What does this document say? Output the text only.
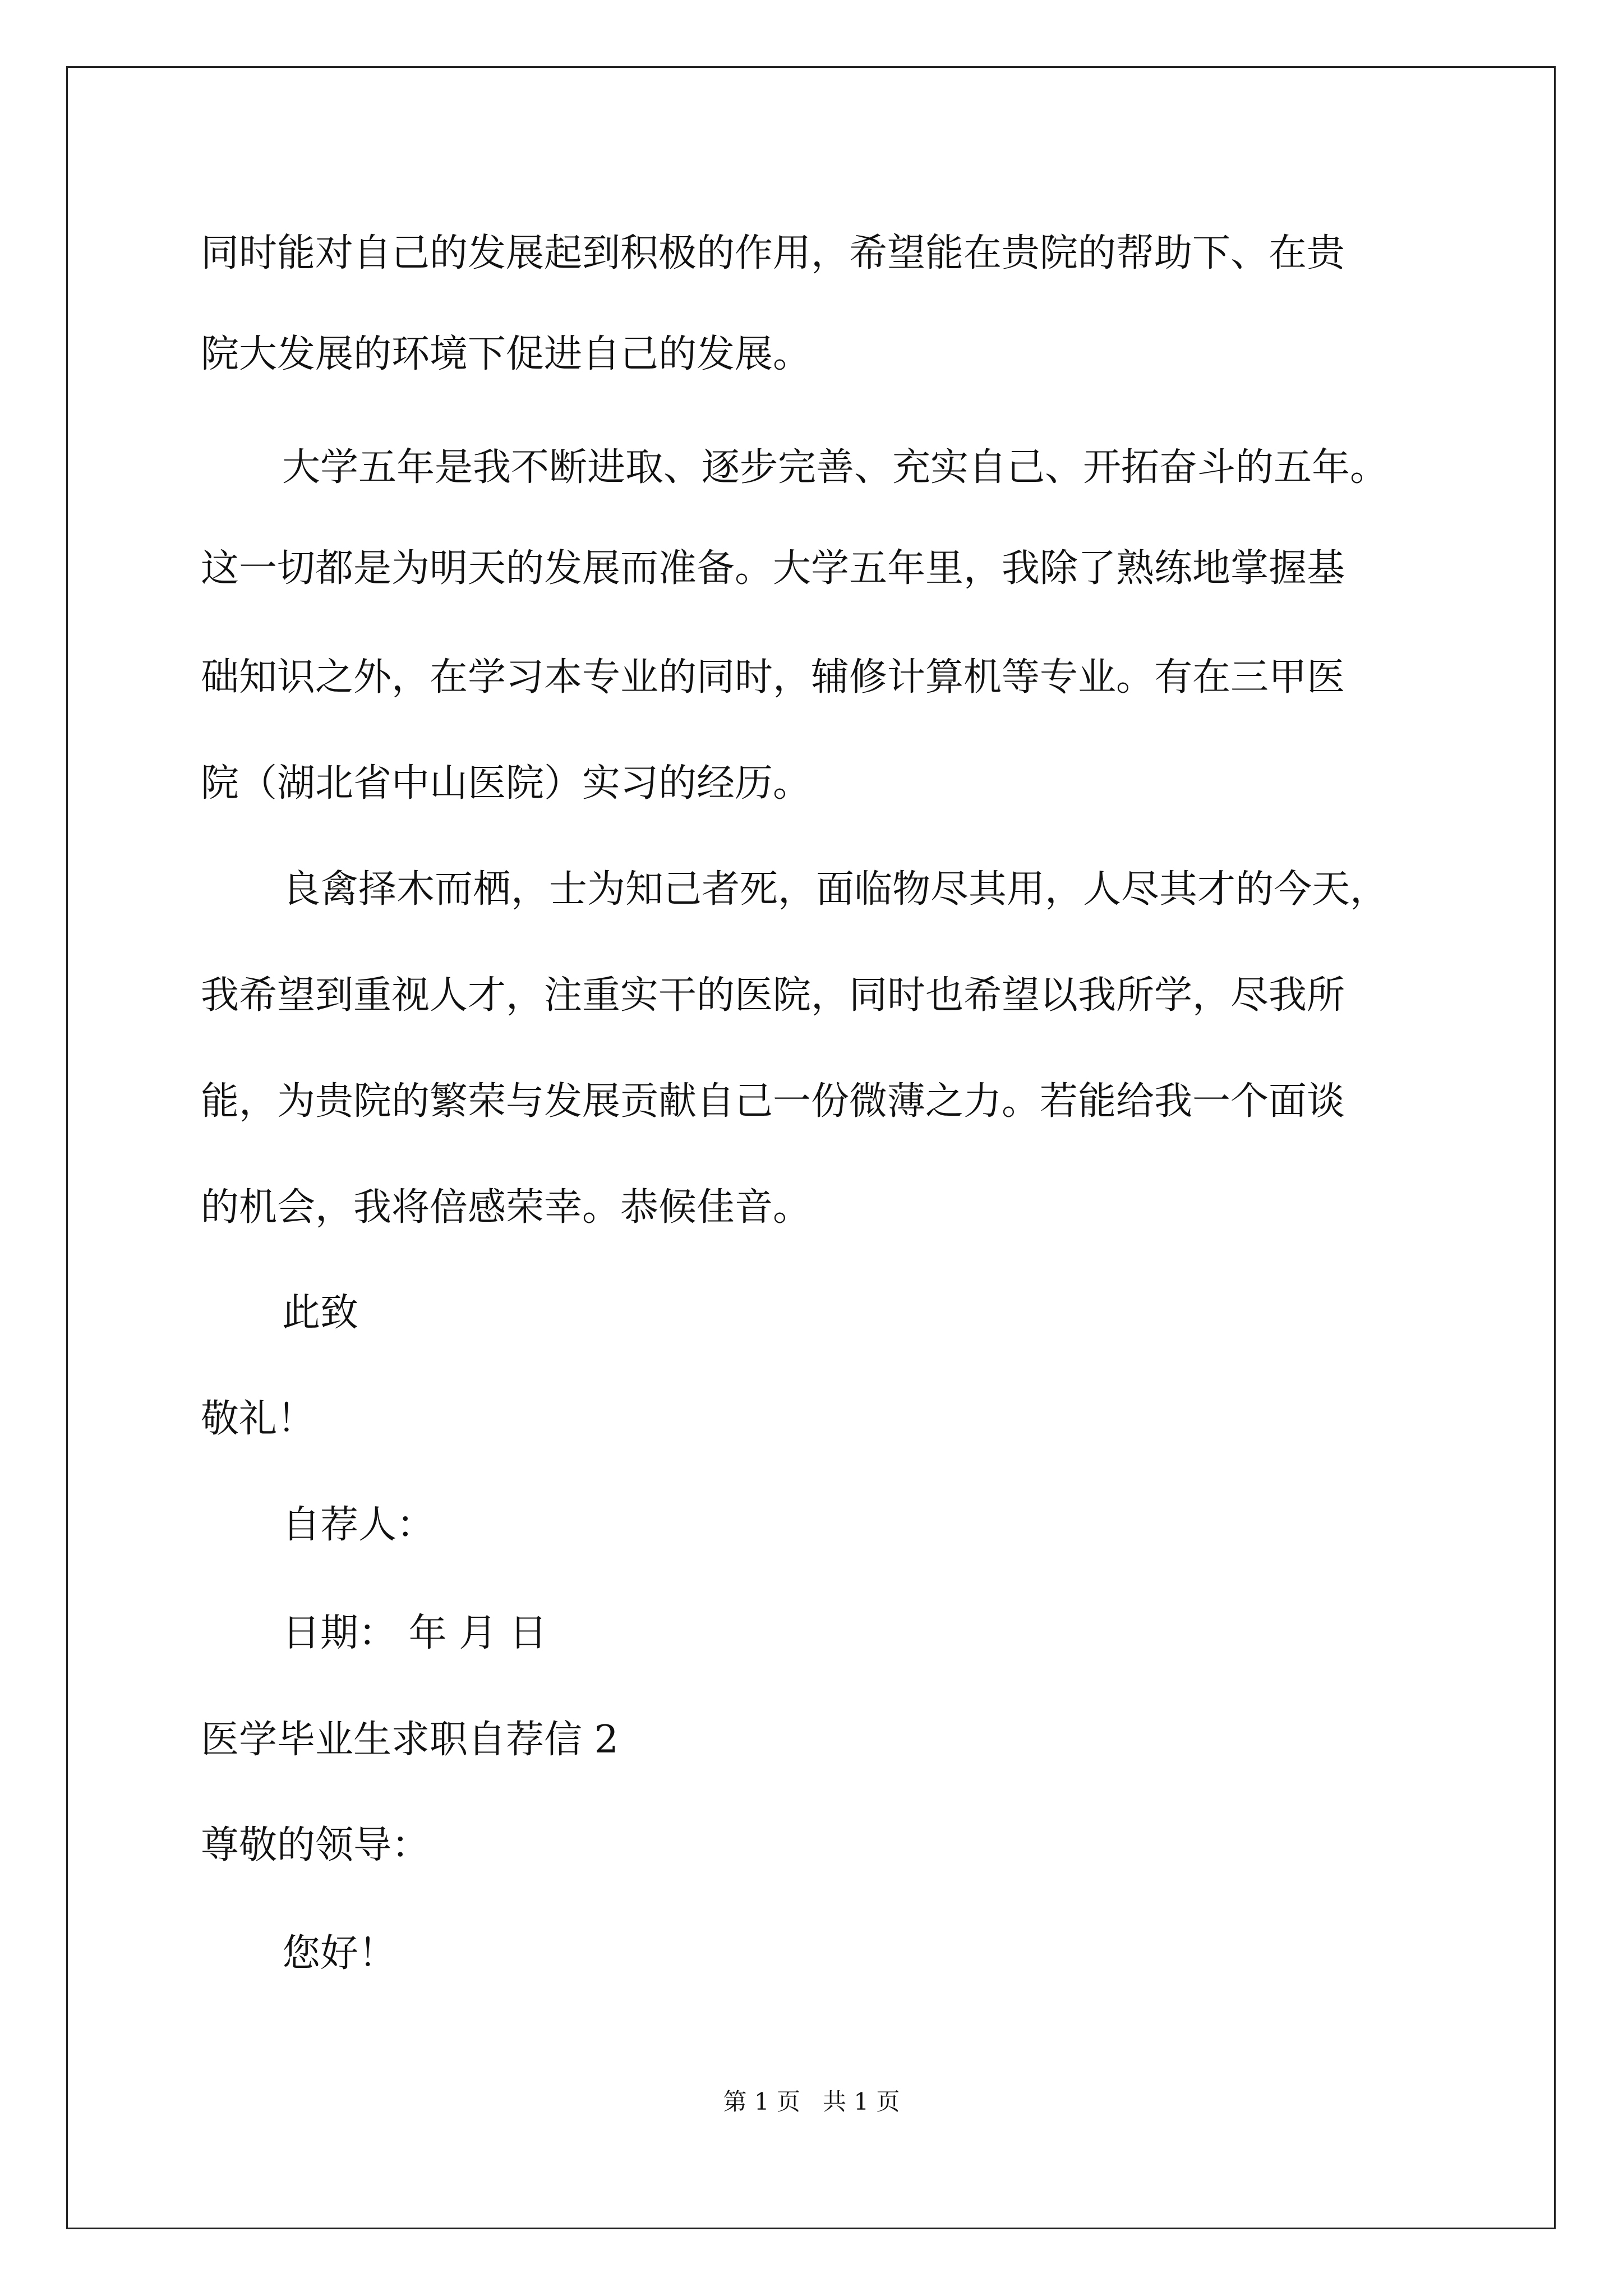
同时能对自己的发展起到积极的作用，希望能在贵院的帮助下、在贵
院大发展的环境下促进自己的发展。
大学五年是我不断进取、逐步完善、充实自己、开拓奋斗的五年。
这一切都是为明天的发展而准备。大学五年里，我除了熟练地掌握基
础知识之外，在学习本专业的同时，辅修计算机等专业。有在三甲医
院（湖北省中山医院）实习的经历。
良禽择木而栖，士为知己者死，面临物尽其用，人尽其才的今天，
我希望到重视人才，注重实干的医院，同时也希望以我所学，尽我所
能，为贵院的繁荣与发展贡献自己一份微薄之力。若能给我一个面谈
的机会，我将倍感荣幸。恭候佳音。
此致
敬礼！
自荐人：
日期： 年 月 日
医学毕业生求职自荐信 2
尊敬的领导：
您好！
第 1 页   共 1 页
